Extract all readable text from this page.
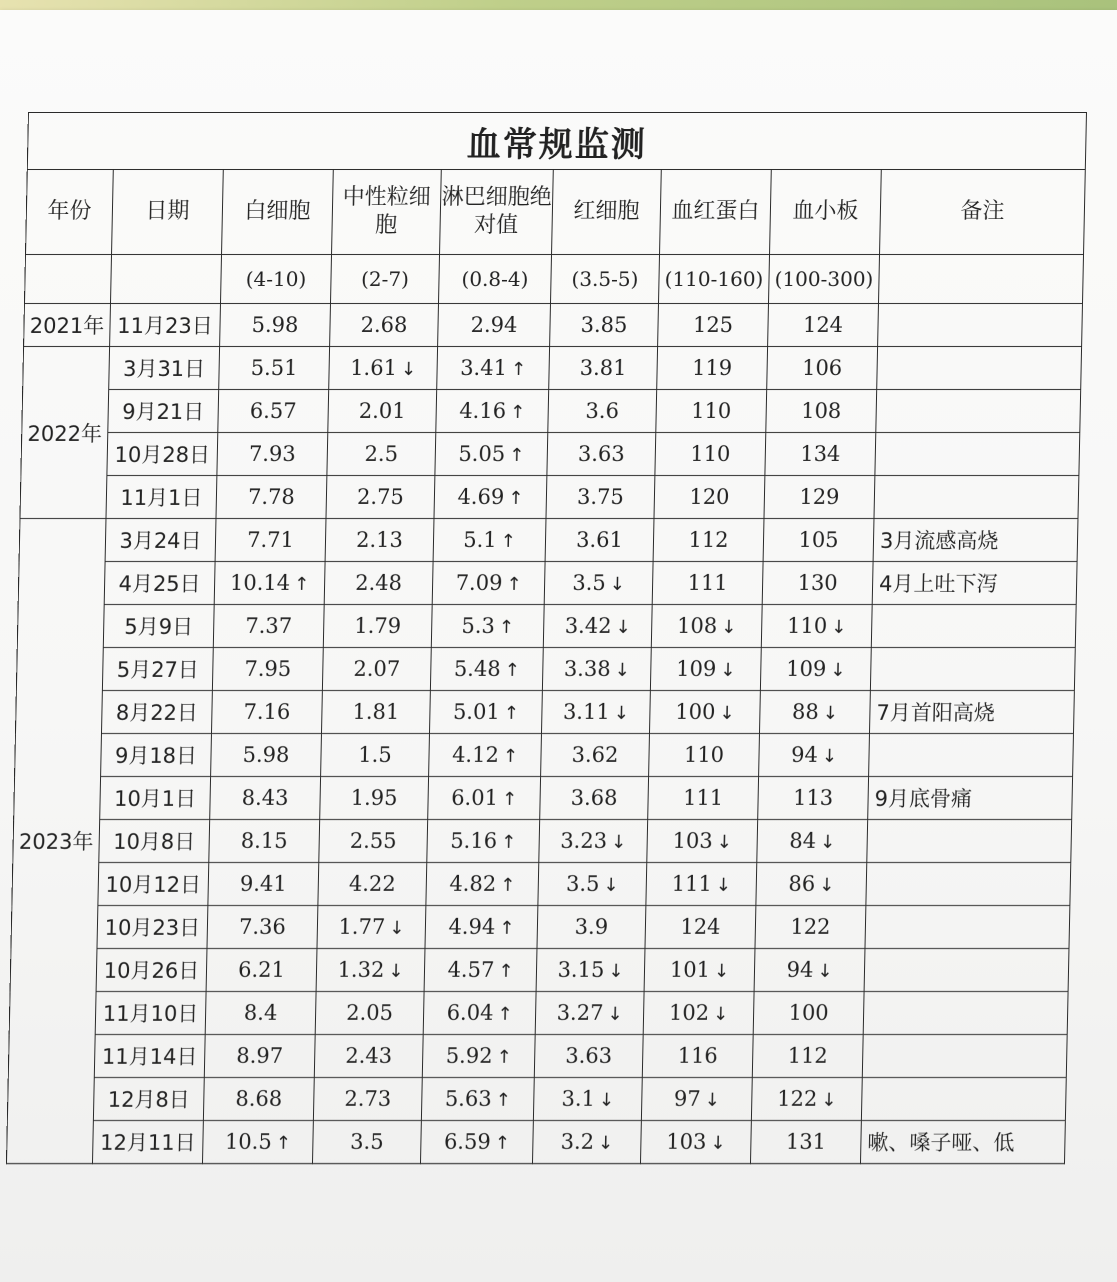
血常规监测								
年份	日期	白细胞	中性粒细胞	淋巴细胞绝对值	红细胞	血红蛋白	血小板	备注
		(4-10)	(2-7)	(0.8-4)	(3.5-5)	(110-160)	(100-300)	
2021年	11月23日	5.98	2.68	2.94	3.85	125	124	
2022年	3月31日	5.51	1.61 ↓	3.41 ↑	3.81	119	106	
	9月21日	6.57	2.01	4.16 ↑	3.6	110	108	
	10月28日	7.93	2.5	5.05 ↑	3.63	110	134	
	11月1日	7.78	2.75	4.69 ↑	3.75	120	129	
2023年	3月24日	7.71	2.13	5.1 ↑	3.61	112	105	3月流感高烧
	4月25日	10.14 ↑	2.48	7.09 ↑	3.5 ↓	111	130	4月上吐下泻
	5月9日	7.37	1.79	5.3 ↑	3.42 ↓	108 ↓	110 ↓	
	5月27日	7.95	2.07	5.48 ↑	3.38 ↓	109 ↓	109 ↓	
	8月22日	7.16	1.81	5.01 ↑	3.11 ↓	100 ↓	88 ↓	7月首阳高烧
	9月18日	5.98	1.5	4.12 ↑	3.62	110	94 ↓	
	10月1日	8.43	1.95	6.01 ↑	3.68	111	113	9月底骨痛
	10月8日	8.15	2.55	5.16 ↑	3.23 ↓	103 ↓	84 ↓	
	10月12日	9.41	4.22	4.82 ↑	3.5 ↓	111 ↓	86 ↓	
	10月23日	7.36	1.77 ↓	4.94 ↑	3.9	124	122	
	10月26日	6.21	1.32 ↓	4.57 ↑	3.15 ↓	101 ↓	94 ↓	
	11月10日	8.4	2.05	6.04 ↑	3.27 ↓	102 ↓	100	
	11月14日	8.97	2.43	5.92 ↑	3.63	116	112	
	12月8日	8.68	2.73	5.63 ↑	3.1 ↓	97 ↓	122 ↓	
	12月11日	10.5 ↑	3.5	6.59 ↑	3.2 ↓	103 ↓	131	嗽、嗓子哑、低
